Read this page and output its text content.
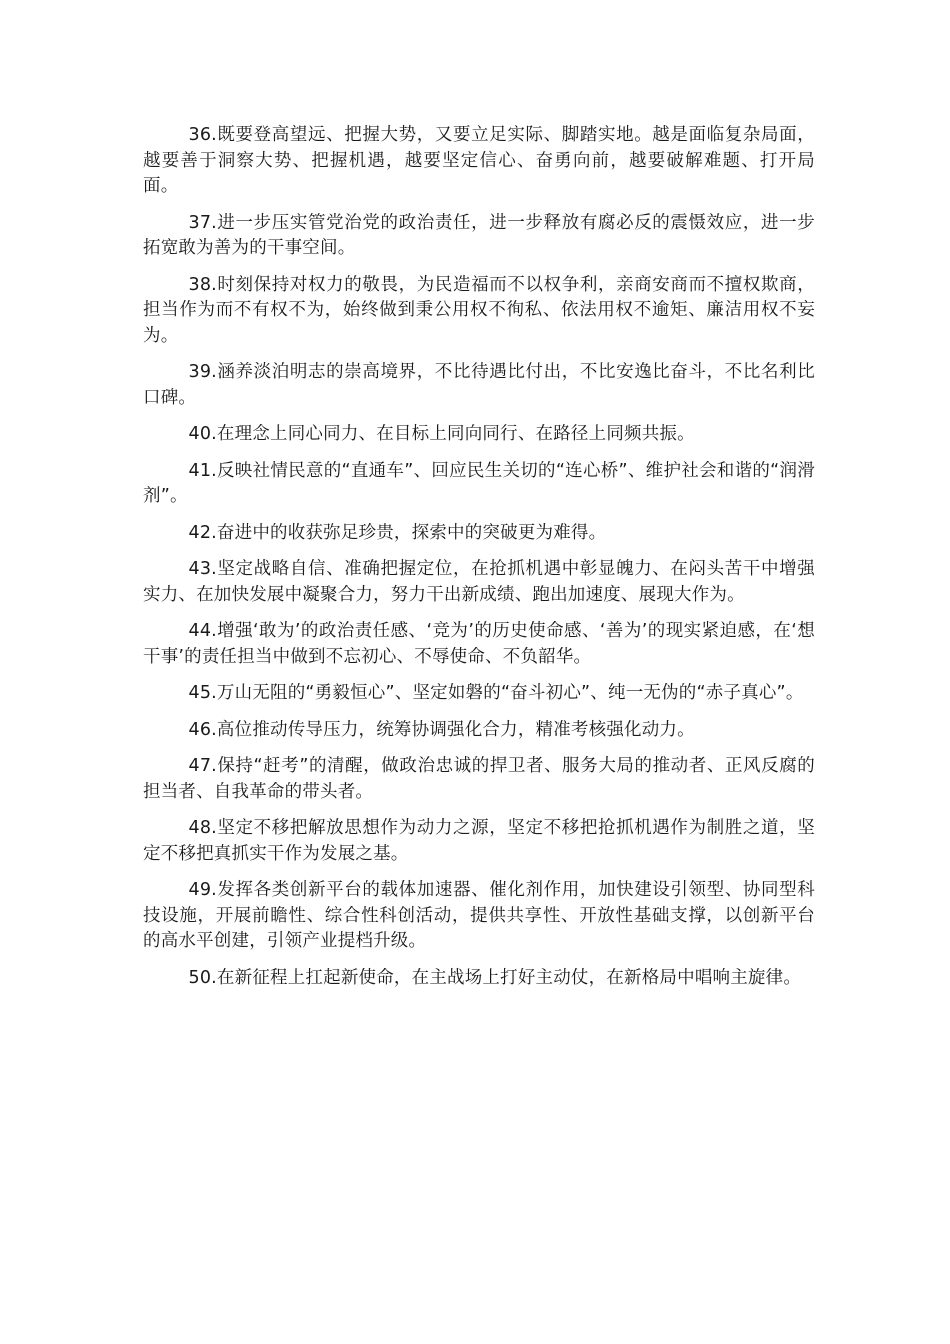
36.既要登高望远、把握大势，又要立足实际、脚踏实地。越是面临复杂局面，越要善于洞察大势、把握机遇，越要坚定信心、奋勇向前，越要破解难题、打开局面。

37.进一步压实管党治党的政治责任，进一步释放有腐必反的震慑效应，进一步拓宽敢为善为的干事空间。

38.时刻保持对权力的敬畏，为民造福而不以权争利，亲商安商而不擅权欺商，担当作为而不有权不为，始终做到秉公用权不徇私、依法用权不逾矩、廉洁用权不妄为。

39.涵养淡泊明志的崇高境界，不比待遇比付出，不比安逸比奋斗，不比名利比口碑。

40.在理念上同心同力、在目标上同向同行、在路径上同频共振。

41.反映社情民意的“直通车”、回应民生关切的“连心桥”、维护社会和谐的“润滑剂”。

42.奋进中的收获弥足珍贵，探索中的突破更为难得。

43.坚定战略自信、准确把握定位，在抢抓机遇中彰显魄力、在闷头苦干中增强实力、在加快发展中凝聚合力，努力干出新成绩、跑出加速度、展现大作为。

44.增强‘敢为’的政治责任感、‘竞为’的历史使命感、‘善为’的现实紧迫感，在‘想干事’的责任担当中做到不忘初心、不辱使命、不负韶华。

45.万山无阻的“勇毅恒心”、坚定如磐的“奋斗初心”、纯一无伪的“赤子真心”。

46.高位推动传导压力，统筹协调强化合力，精准考核强化动力。

47.保持“赶考”的清醒，做政治忠诚的捍卫者、服务大局的推动者、正风反腐的担当者、自我革命的带头者。

48.坚定不移把解放思想作为动力之源，坚定不移把抢抓机遇作为制胜之道，坚定不移把真抓实干作为发展之基。

49.发挥各类创新平台的载体加速器、催化剂作用，加快建设引领型、协同型科技设施，开展前瞻性、综合性科创活动，提供共享性、开放性基础支撑，以创新平台的高水平创建，引领产业提档升级。

50.在新征程上扛起新使命，在主战场上打好主动仗，在新格局中唱响主旋律。
